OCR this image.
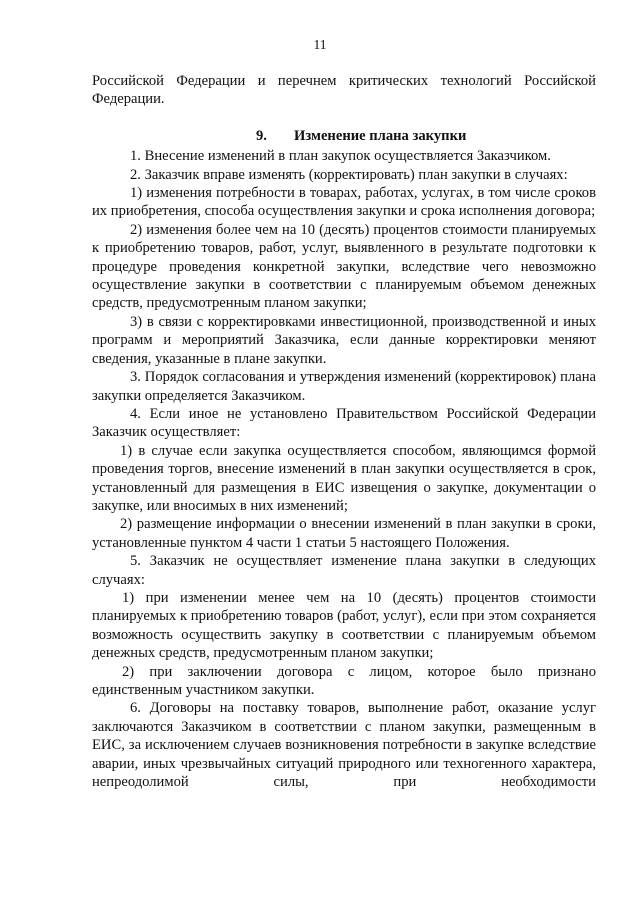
11

Российской Федерации и перечнем критических технологий Российской Федерации.

9. Изменение плана закупки

1. Внесение изменений в план закупок осуществляется Заказчиком.

2. Заказчик вправе изменять (корректировать) план закупки в случаях:

1) изменения потребности в товарах, работах, услугах, в том числе сроков их приобретения, способа осуществления закупки и срока исполнения договора;

2) изменения более чем на 10 (десять) процентов стоимости планируемых к приобретению товаров, работ, услуг, выявленного в результате подготовки к процедуре проведения конкретной закупки, вследствие чего невозможно осуществление закупки в соответствии с планируемым объемом денежных средств, предусмотренным планом закупки;

3) в связи с корректировками инвестиционной, производственной и иных программ и мероприятий Заказчика, если данные корректировки меняют сведения, указанные в плане закупки.

3. Порядок согласования и утверждения изменений (корректировок) плана закупки определяется Заказчиком.

4. Если иное не установлено Правительством Российской Федерации Заказчик осуществляет:

1) в случае если закупка осуществляется способом, являющимся формой проведения торгов, внесение изменений в план закупки осуществляется в срок, установленный для размещения в ЕИС извещения о закупке, документации о закупке, или вносимых в них изменений;

2) размещение информации о внесении изменений в план закупки в сроки, установленные пунктом 4 части 1 статьи 5 настоящего Положения.

5. Заказчик не осуществляет изменение плана закупки в следующих случаях:

1) при изменении менее чем на 10 (десять) процентов стоимости планируемых к приобретению товаров (работ, услуг), если при этом сохраняется возможность осуществить закупку в соответствии с планируемым объемом денежных средств, предусмотренным планом закупки;

2) при заключении договора с лицом, которое было признано единственным участником закупки.

6. Договоры на поставку товаров, выполнение работ, оказание услуг заключаются Заказчиком в соответствии с планом закупки, размещенным в ЕИС, за исключением случаев возникновения потребности в закупке вследствие аварии, иных чрезвычайных ситуаций природного или техногенного характера, непреодолимой силы, при необходимости
